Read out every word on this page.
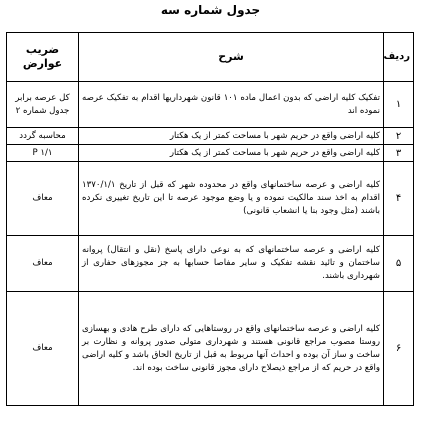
جدول شماره سه
ردیف	شرح	ضریب عوارض
۱	تفکیک کلیه اراضی که بدون اعمال ماده ۱۰۱ قانون شهرداریها اقدام به تفکیک عرصه نموده اند	کل عرصه برابر جدول شماره ۲
۲	کلیه اراضی واقع در حریم شهر با مساحت کمتر از یک هکتار	محاسبه گردد
۳	کلیه اراضی واقع در حریم شهر با مساحت کمتر از یک هکتار	۱/۱ P
۴	کلیه اراضی و عرصه ساختمانهای واقع در محدوده شهر که قبل از تاریخ ۱۳۷۰/۱/۱ اقدام به اخذ سند مالکیت نموده و یا وضع موجود عرصه تا این تاریخ تغییری نکرده باشند (مثل وجود بنا یا انشعاب قانونی)	معاف
۵	کلیه اراضی و عرصه ساختمانهای که به نوعی دارای پاسخ (نقل و انتقال) پروانه ساختمان و تائید نقشه تفکیک و سایر مفاصا حسابها به جز مجوزهای حفاری از شهرداری باشند.	معاف
۶	کلیه اراضی و عرصه ساختمانهای واقع در روستاهایی که دارای طرح هادی و بهسازی روستا مصوب مراجع قانونی هستند و شهرداری متولی صدور پروانه و نظارت بر ساخت و ساز آن بوده و احداث آنها مربوط به قبل از تاریخ الحاق باشد و کلیه اراضی واقع در حریم که از مراجع ذیصلاح دارای مجوز قانونی ساخت بوده اند.	معاف
